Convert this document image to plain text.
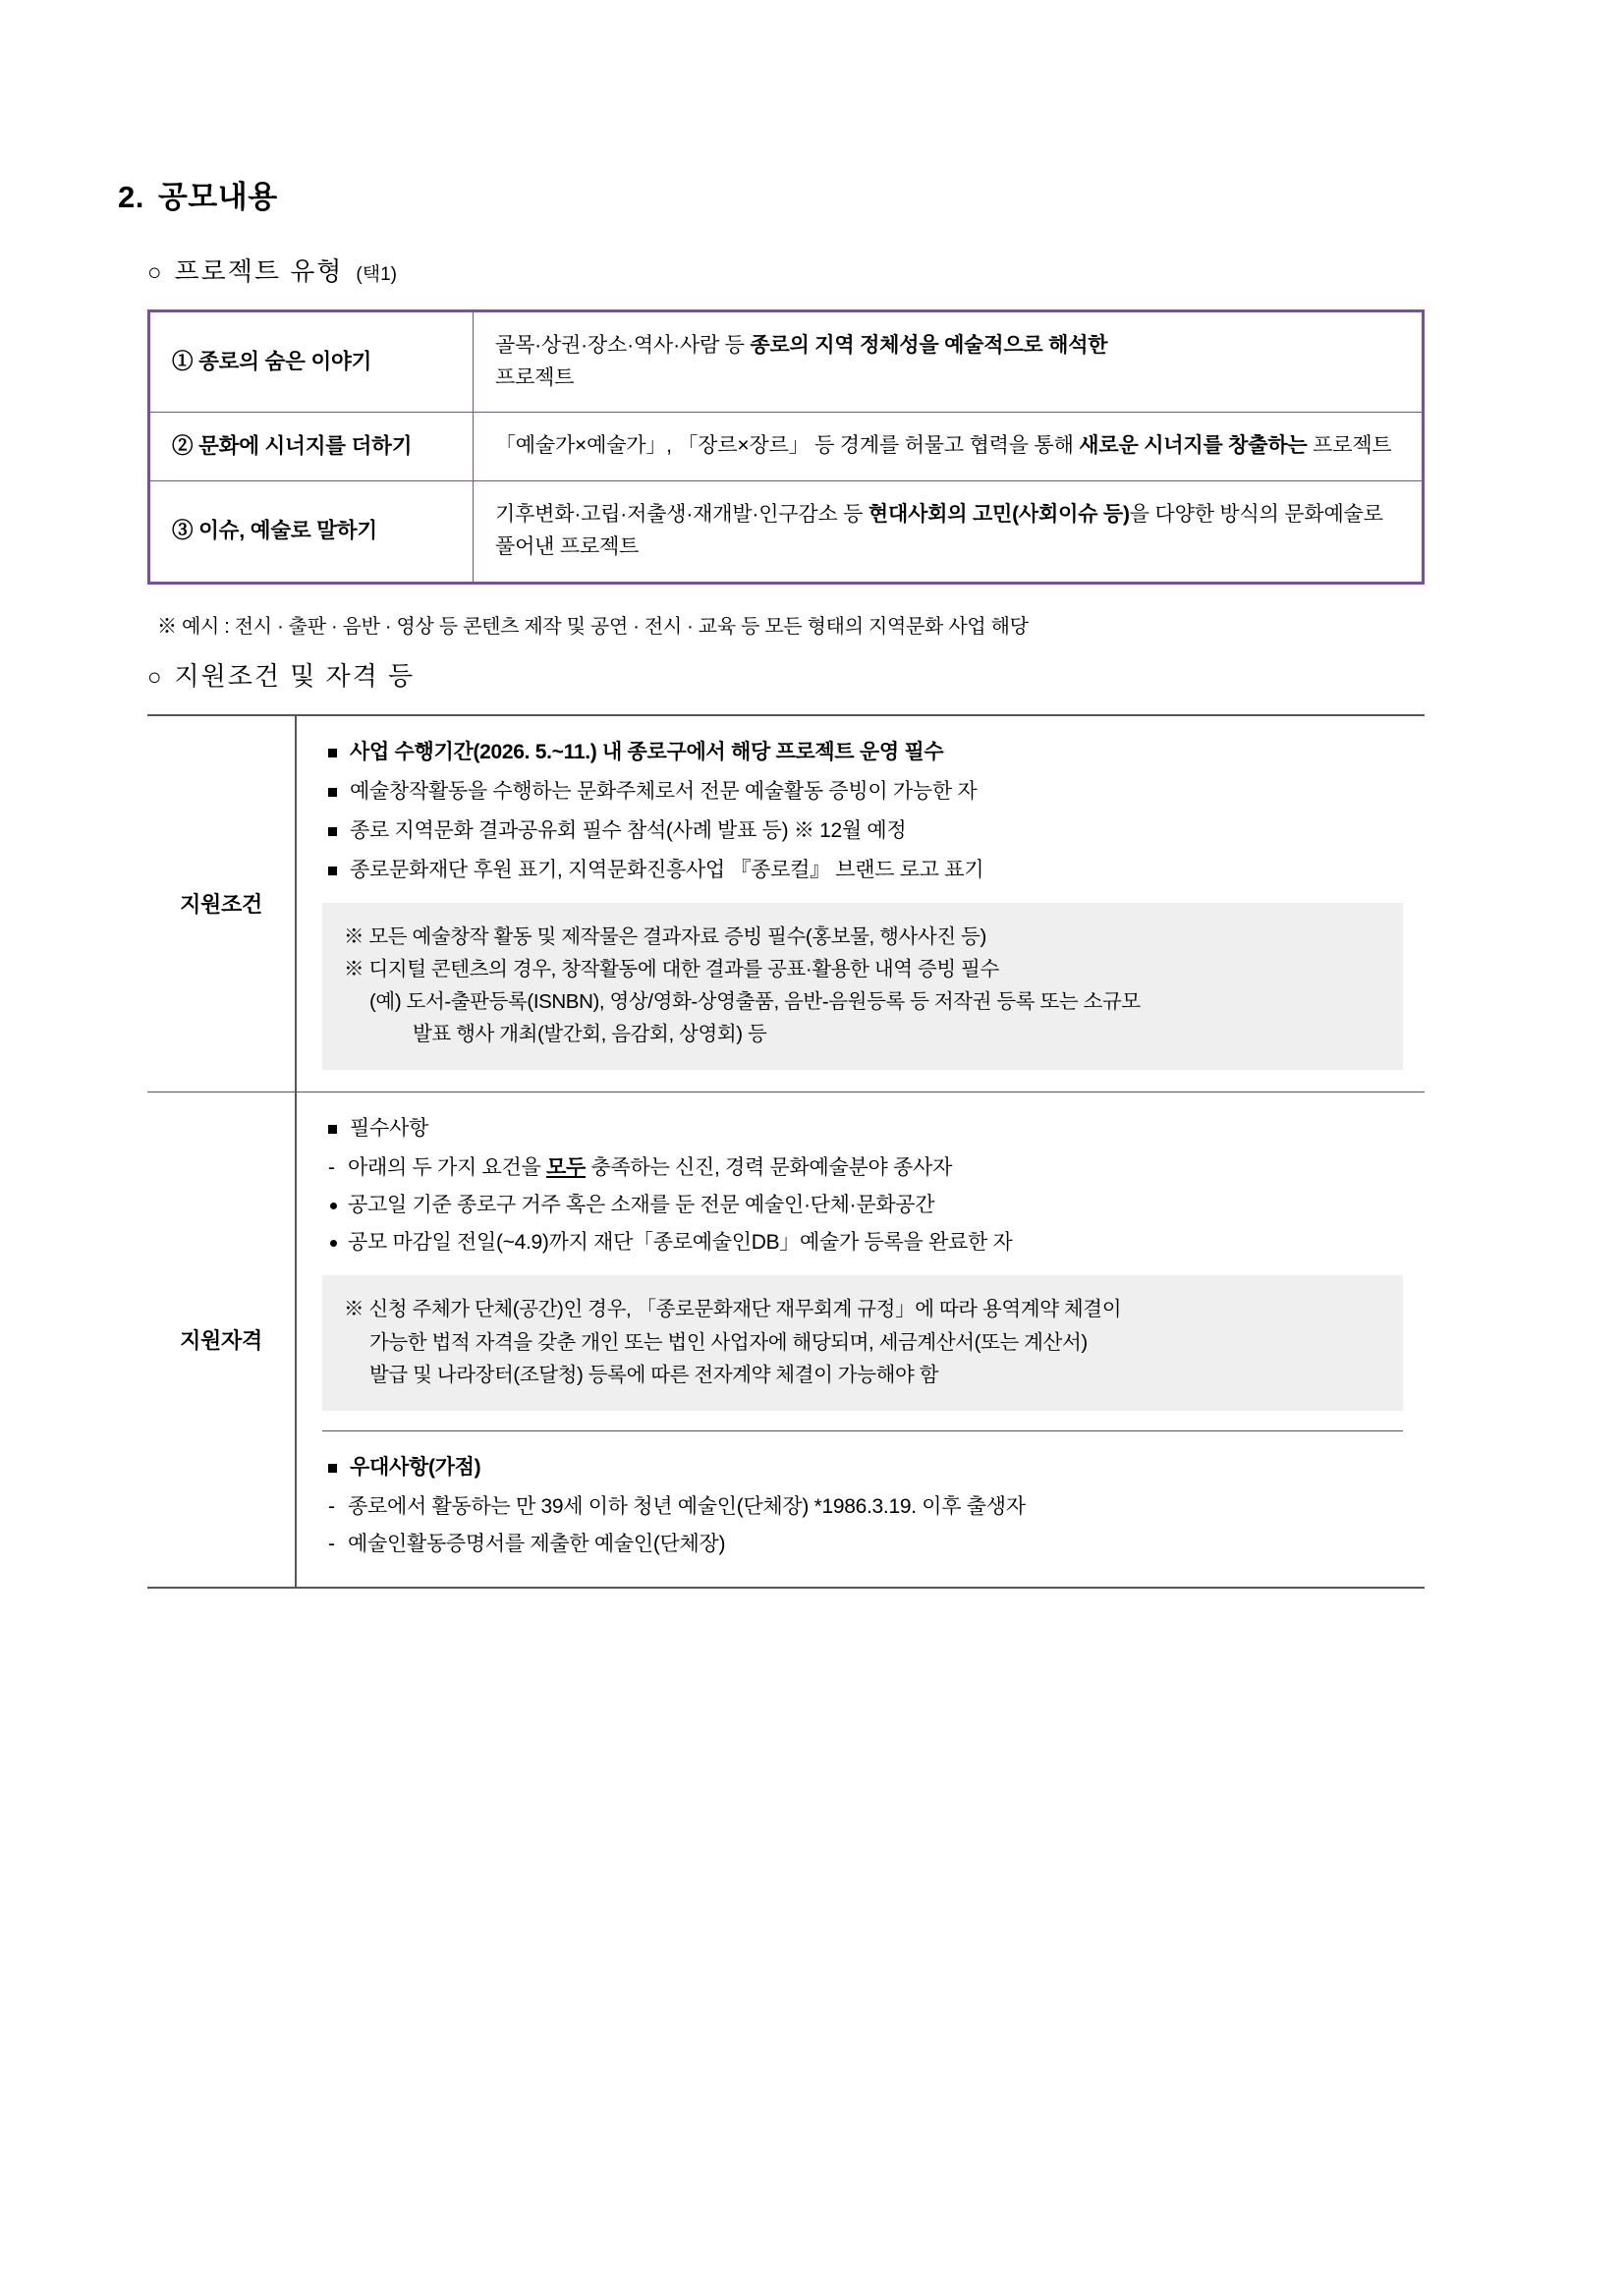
2. 공모내용
○ 프로젝트 유형 (택1)
① 종로의 숨은 이야기	골목·상권·장소·역사·사람 등 종로의 지역 정체성을 예술적으로 해석한
프로젝트
② 문화에 시너지를 더하기	「예술가×예술가」, 「장르×장르」 등 경계를 허물고 협력을 통해 새로운 시너지를 창출하는 프로젝트
③ 이슈, 예술로 말하기	기후변화·고립·저출생·재개발·인구감소 등 현대사회의 고민(사회이슈 등)을 다양한 방식의 문화예술로 풀어낸 프로젝트
※ 예시 : 전시 · 출판 · 음반 · 영상 등 콘텐츠 제작 및 공연 · 전시 · 교육 등 모든 형태의 지역문화 사업 해당
○ 지원조건 및 자격 등
지원조건	
사업 수행기간(2026. 5.~11.) 내 종로구에서 해당 프로젝트 운영 필수
예술창작활동을 수행하는 문화주체로서 전문 예술활동 증빙이 가능한 자
종로 지역문화 결과공유회 필수 참석(사례 발표 등) ※ 12월 예정
종로문화재단 후원 표기, 지역문화진흥사업 『종로컬』 브랜드 로고 표기
※ 모든 예술창작 활동 및 제작물은 결과자료 증빙 필수(홍보물, 행사사진 등)
※ 디지털 콘텐츠의 경우, 창작활동에 대한 결과를 공표·활용한 내역 증빙 필수
(예) 도서-출판등록(ISNBN), 영상/영화-상영출품, 음반-음원등록 등 저작권 등록 또는 소규모
발표 행사 개최(발간회, 음감회, 상영회) 등

지원자격	
필수사항
- 아래의 두 가지 요건을 모두 충족하는 신진, 경력 문화예술분야 종사자
공고일 기준 종로구 거주 혹은 소재를 둔 전문 예술인·단체·문화공간
공모 마감일 전일(~4.9)까지 재단「종로예술인DB」예술가 등록을 완료한 자
※ 신청 주체가 단체(공간)인 경우, 「종로문화재단 재무회계 규정」에 따라 용역계약 체결이
가능한 법적 자격을 갖춘 개인 또는 법인 사업자에 해당되며, 세금계산서(또는 계산서)
발급 및 나라장터(조달청) 등록에 따른 전자계약 체결이 가능해야 함
우대사항(가점)
- 종로에서 활동하는 만 39세 이하 청년 예술인(단체장) *1986.3.19. 이후 출생자
- 예술인활동증명서를 제출한 예술인(단체장)
